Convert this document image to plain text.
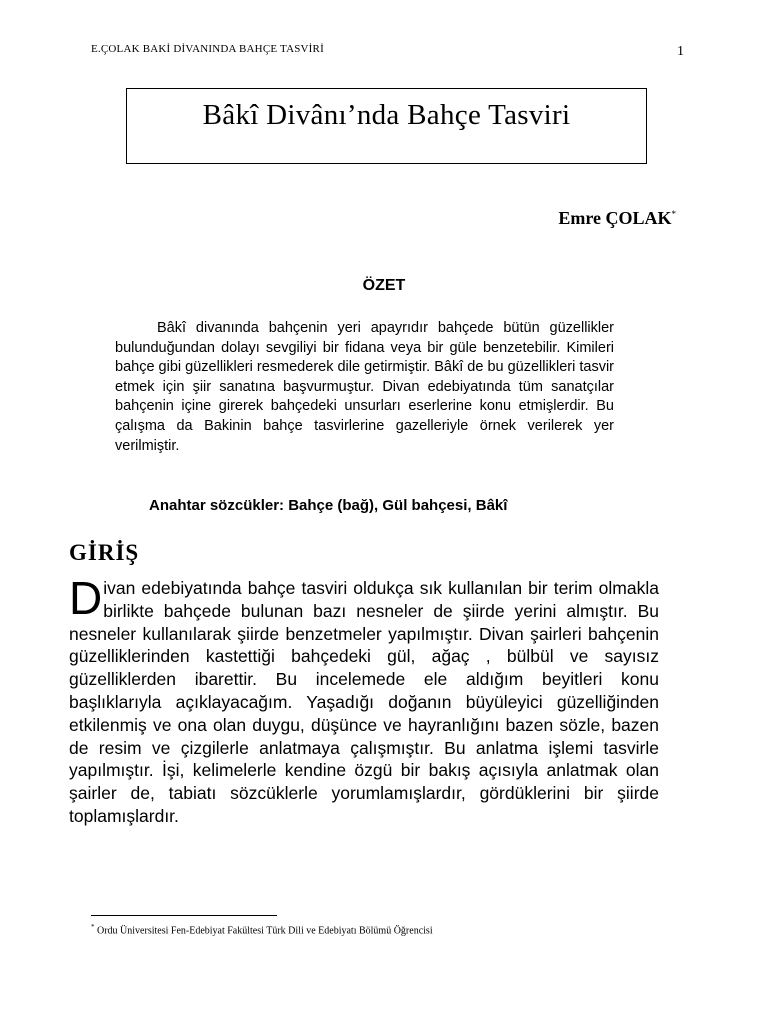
E.ÇOLAK BAKİ DİVANINDA BAHÇE TASVİRİ	1
Bâkî Divânı’nda Bahçe Tasviri
Emre ÇOLAK*
ÖZET
Bâkî divanında bahçenin yeri apayrıdır bahçede bütün güzellikler bulunduğundan dolayı sevgiliyi bir fidana veya bir güle benzetebilir. Kimileri bahçe gibi güzellikleri resmederek dile getirmiştir. Bâkî de bu güzellikleri tasvir etmek için şiir sanatına başvurmuştur. Divan edebiyatında tüm sanatçılar bahçenin içine girerek bahçedeki unsurları eserlerine konu etmişlerdir. Bu çalışma da Bakinin bahçe tasvirlerine gazelleriyle örnek verilerek yer verilmiştir.
Anahtar sözcükler: Bahçe (bağ), Gül bahçesi, Bâkî
GİRİŞ
Divan edebiyatında bahçe tasviri oldukça sık kullanılan bir terim olmakla birlikte bahçede bulunan bazı nesneler de şiirde yerini almıştır. Bu nesneler kullanılarak şiirde benzetmeler yapılmıştır. Divan şairleri bahçenin güzelliklerinden kastettiği bahçedeki gül, ağaç , bülbül ve sayısız güzelliklerden ibarettir. Bu incelemede ele aldığım beyitleri konu başlıklarıyla açıklayacağım. Yaşadığı doğanın büyüleyici güzelliğinden etkilenmiş ve ona olan duygu, düşünce ve hayranlığını bazen sözle, bazen de resim ve çizgilerle anlatmaya çalışmıştır. Bu anlatma işlemi tasvirle yapılmıştır. İşi, kelimelerle kendine özgü bir bakış açısıyla anlatmak olan şairler de, tabiatı sözcüklerle yorumlamışlardır, gördüklerini bir şiirde toplamışlardır.
* Ordu Üniversitesi Fen-Edebiyat Fakültesi Türk Dili ve Edebiyatı Bölümü Öğrencisi
